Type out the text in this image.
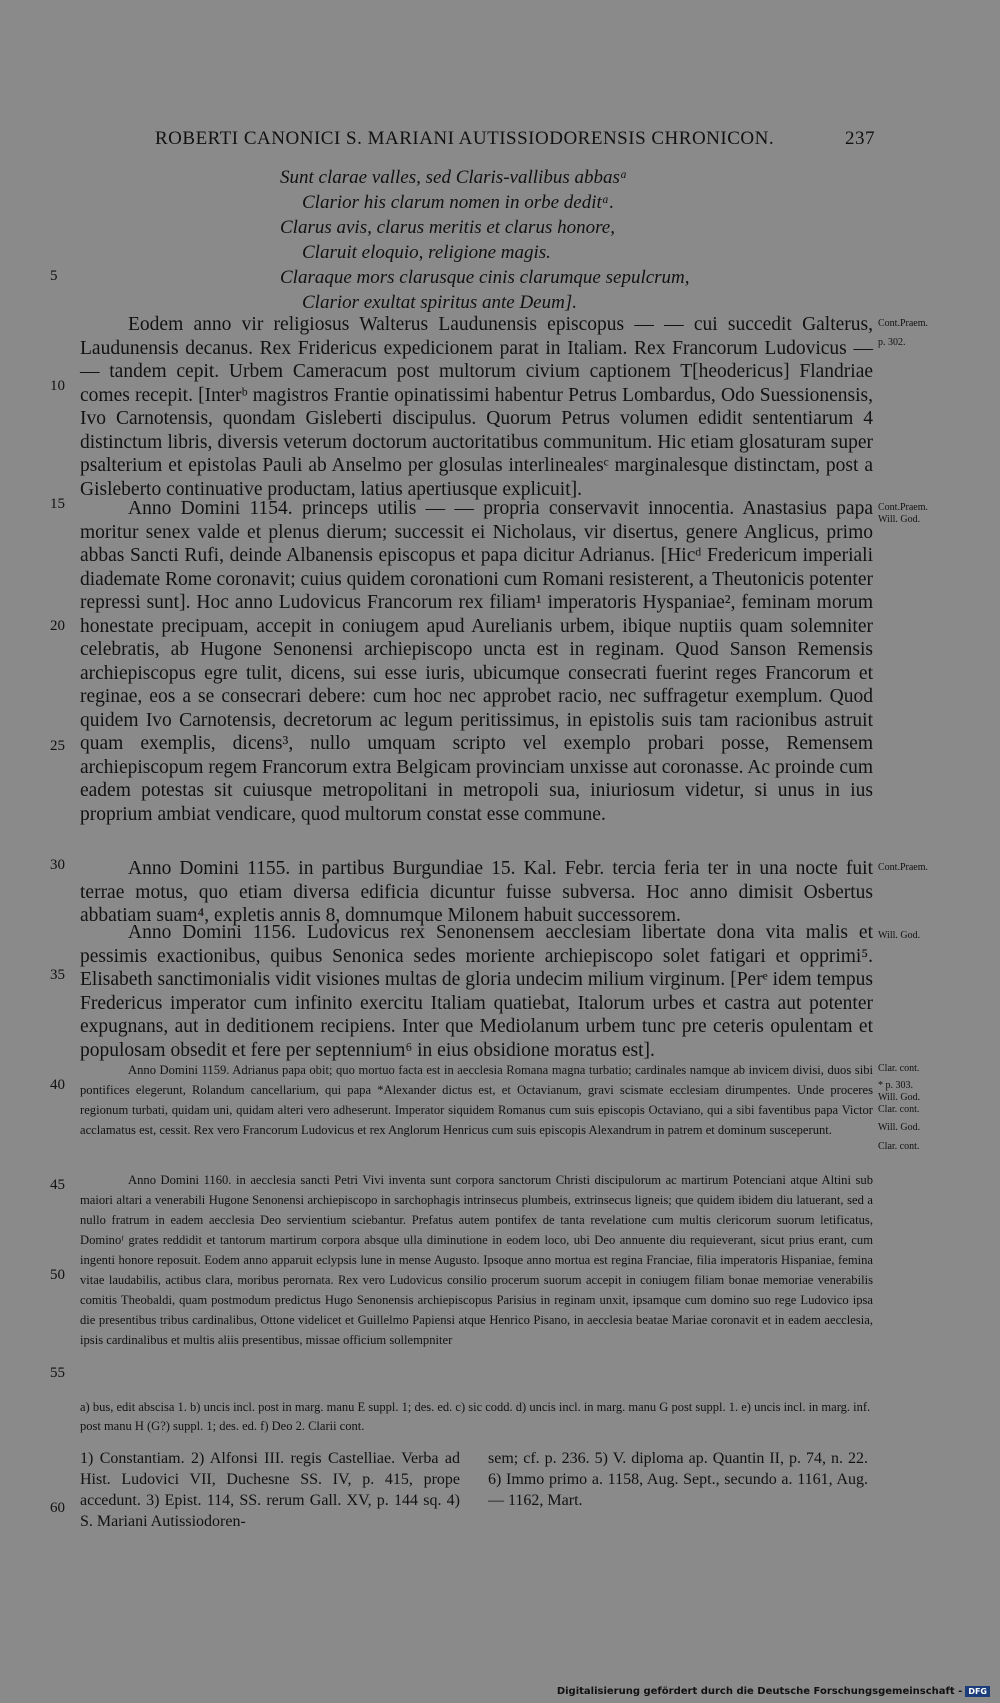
ROBERTI CANONICI S. MARIANI AUTISSIODORENSIS CHRONICON.	237
Sunt clarae valles, sed Claris-vallibus abbasᵃ
Clarior his clarum nomen in orbe deditᵃ.
Clarus avis, clarus meritis et clarus honore,
Claruit eloquio, religione magis.
Claraque mors clarusque cinis clarumque sepulcrum,
Clarior exultat spiritus ante Deum].
5
10
15
20
25
30
35
40
45
50
55
60

Eodem anno vir religiosus Walterus Laudunensis episcopus — — cui succedit Galterus, Laudunensis decanus. Rex Fridericus expedicionem parat in Italiam. Rex Francorum Ludovicus — — tandem cepit. Urbem Cameracum post multorum civium captionem T[heodericus] Flandriae comes recepit. [Interᵇ magistros Frantie opinatissimi habentur Petrus Lombardus, Odo Suessionensis, Ivo Carnotensis, quondam Gisleberti discipulus. Quorum Petrus volumen edidit sententiarum 4 distinctum libris, diversis veterum doctorum auctoritatibus communitum. Hic etiam glosaturam super psalterium et epistolas Pauli ab Anselmo per glosulas interlinealesᶜ marginalesque distinctam, post a Gisleberto continuative productam, latius apertiusque explicuit].

Anno Domini 1154. princeps utilis — — propria conservavit innocentia. Anastasius papa moritur senex valde et plenus dierum; successit ei Nicholaus, vir disertus, genere Anglicus, primo abbas Sancti Rufi, deinde Albanensis episcopus et papa dicitur Adrianus. [Hicᵈ Fredericum imperiali diademate Rome coronavit; cuius quidem coronationi cum Romani resisterent, a Theutonicis potenter repressi sunt]. Hoc anno Ludovicus Francorum rex filiam¹ imperatoris Hyspaniae², feminam morum honestate precipuam, accepit in coniugem apud Aurelianis urbem, ibique nuptiis quam solemniter celebratis, ab Hugone Senonensi archiepiscopo uncta est in reginam. Quod Sanson Remensis archiepiscopus egre tulit, dicens, sui esse iuris, ubicumque consecrati fuerint reges Francorum et reginae, eos a se consecrari debere: cum hoc nec approbet racio, nec suffragetur exemplum. Quod quidem Ivo Carnotensis, decretorum ac legum peritissimus, in epistolis suis tam racionibus astruit quam exemplis, dicens³, nullo umquam scripto vel exemplo probari posse, Remensem archiepiscopum regem Francorum extra Belgicam provinciam unxisse aut coronasse. Ac proinde cum eadem potestas sit cuiusque metropolitani in metropoli sua, iniuriosum videtur, si unus in ius proprium ambiat vendicare, quod multorum constat esse commune.

Anno Domini 1155. in partibus Burgundiae 15. Kal. Febr. tercia feria ter in una nocte fuit terrae motus, quo etiam diversa edificia dicuntur fuisse subversa. Hoc anno dimisit Osbertus abbatiam suam⁴, expletis annis 8, domnumque Milonem habuit successorem.

Anno Domini 1156. Ludovicus rex Senonensem aecclesiam libertate dona vita malis et pessimis exactionibus, quibus Senonica sedes moriente archiepiscopo solet fatigari et opprimi⁵. Elisabeth sanctimonialis vidit visiones multas de gloria undecim milium virginum. [Perᵉ idem tempus Fredericus imperator cum infinito exercitu Italiam quatiebat, Italorum urbes et castra aut potenter expugnans, aut in deditionem recipiens. Inter que Mediolanum urbem tunc pre ceteris opulentam et populosam obsedit et fere per septennium⁶ in eius obsidione moratus est].

Anno Domini 1159. Adrianus papa obit; quo mortuo facta est in aecclesia Romana magna turbatio; cardinales namque ab invicem divisi, duos sibi pontifices elegerunt, Rolandum cancellarium, qui papa *Alexander dictus est, et Octavianum, gravi scismate ecclesiam dirumpentes. Unde proceres regionum turbati, quidam uni, quidam alteri vero adheserunt. Imperator siquidem Romanus cum suis episcopis Octaviano, qui a sibi faventibus papa Victor acclamatus est, cessit. Rex vero Francorum Ludovicus et rex Anglorum Henricus cum suis episcopis Alexandrum in patrem et dominum susceperunt.

Anno Domini 1160. in aecclesia sancti Petri Vivi inventa sunt corpora sanctorum Christi discipulorum ac martirum Potenciani atque Altini sub maiori altari a venerabili Hugone Senonensi archiepiscopo in sarchophagis intrinsecus plumbeis, extrinsecus ligneis; que quidem ibidem diu latuerant, sed a nullo fratrum in eadem aecclesia Deo servientium sciebantur. Prefatus autem pontifex de tanta revelatione cum multis clericorum suorum letificatus, Dominoᶠ grates reddidit et tantorum martirum corpora absque ulla diminutione in eodem loco, ubi Deo annuente diu requieverant, sicut prius erant, cum ingenti honore reposuit. Eodem anno apparuit eclypsis lune in mense Augusto. Ipsoque anno mortua est regina Franciae, filia imperatoris Hispaniae, femina vitae laudabilis, actibus clara, moribus perornata. Rex vero Ludovicus consilio procerum suorum accepit in coniugem filiam bonae memoriae venerabilis comitis Theobaldi, quam postmodum predictus Hugo Senonensis archiepiscopus Parisius in reginam unxit, ipsamque cum domino suo rege Ludovico ipsa die presentibus tribus cardinalibus, Ottone videlicet et Guillelmo Papiensi atque Henrico Pisano, in aecclesia beatae Mariae coronavit et in eadem aecclesia, ipsis cardinalibus et multis aliis presentibus, missae officium sollempniter

Cont.Praem.
p. 302.
Cont.Praem.
Will. God.
Cont.Praem.
Will. God.
Clar. cont.
* p. 303.
Will. God.
Clar. cont.
Will. God.
Clar. cont.
a) bus, edit abscisa 1. b) uncis incl. post in marg. manu E suppl. 1; des. ed. c) sic codd. d) uncis incl. in marg. manu G post suppl. 1. e) uncis incl. in marg. inf. post manu H (G?) suppl. 1; des. ed. f) Deo 2. Clarii cont.
1) Constantiam. 2) Alfonsi III. regis Castelliae. Verba ad Hist. Ludovici VII, Duchesne SS. IV, p. 415, prope accedunt. 3) Epist. 114, SS. rerum Gall. XV, p. 144 sq. 4) S. Mariani Autissiodoren-
sem; cf. p. 236. 5) V. diploma ap. Quantin II, p. 74, n. 22. 6) Immo primo a. 1158, Aug. Sept., secundo a. 1161, Aug. — 1162, Mart.
Digitalisierung gefördert durch die Deutsche Forschungsgemeinschaft - DFG
